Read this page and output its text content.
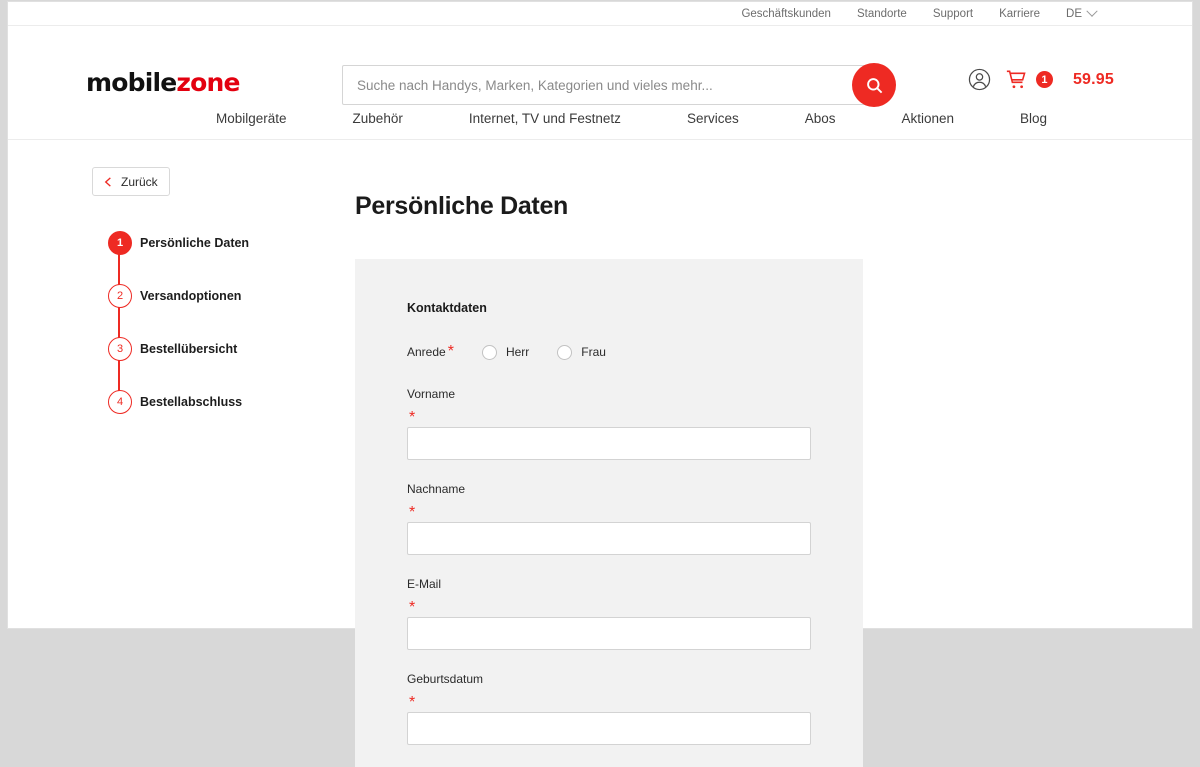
Geschäftskunden Standorte Support Karriere DE
mobilezone
Suche nach Handys, Marken, Kategorien und vieles mehr...	1	59.95
Mobilgeräte	Zubehör	Internet, TV und Festnetz	Services	Abos	Aktionen	Blog
Zurück
1	Persönliche Daten
2	Versandoptionen
3	Bestellübersicht
4	Bestellabschluss
Persönliche Daten
Kontaktdaten
Anrede *	Herr	Frau
Vorname
*
Nachname
*
E-Mail
*
Geburtsdatum
*
